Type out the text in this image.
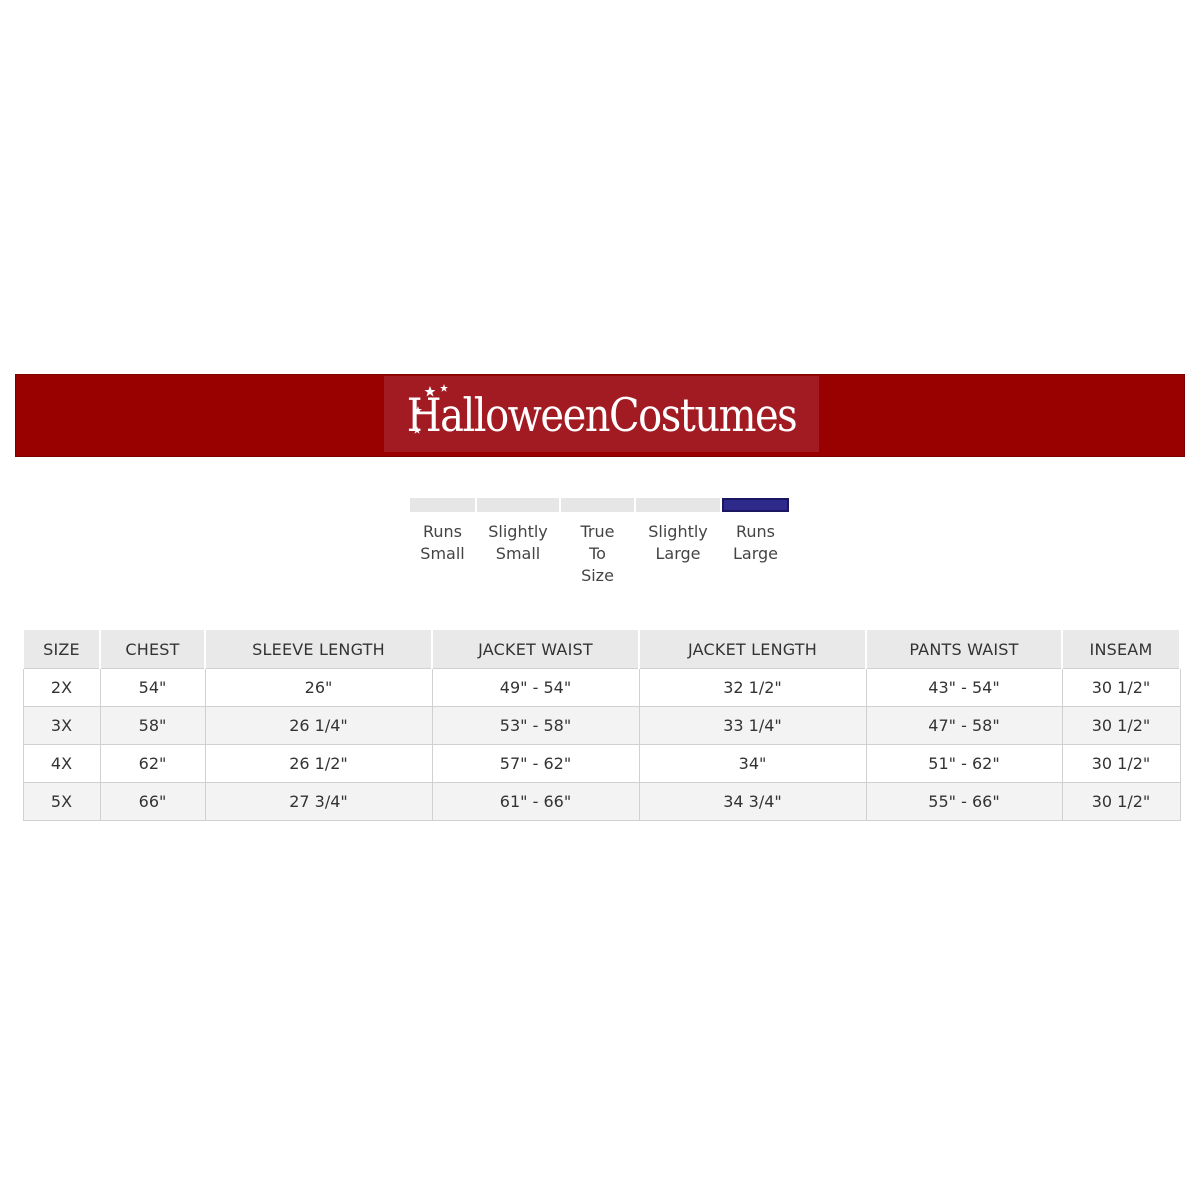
HalloweenCostumes
Runs
Small
Slightly
Small
True
To
Size
Slightly
Large
Runs
Large
SIZE	CHEST	SLEEVE LENGTH	JACKET WAIST	JACKET LENGTH	PANTS WAIST	INSEAM
2X	54"	26"	49" - 54"	32 1/2"	43" - 54"	30 1/2"
3X	58"	26 1/4"	53" - 58"	33 1/4"	47" - 58"	30 1/2"
4X	62"	26 1/2"	57" - 62"	34"	51" - 62"	30 1/2"
5X	66"	27 3/4"	61" - 66"	34 3/4"	55" - 66"	30 1/2"
